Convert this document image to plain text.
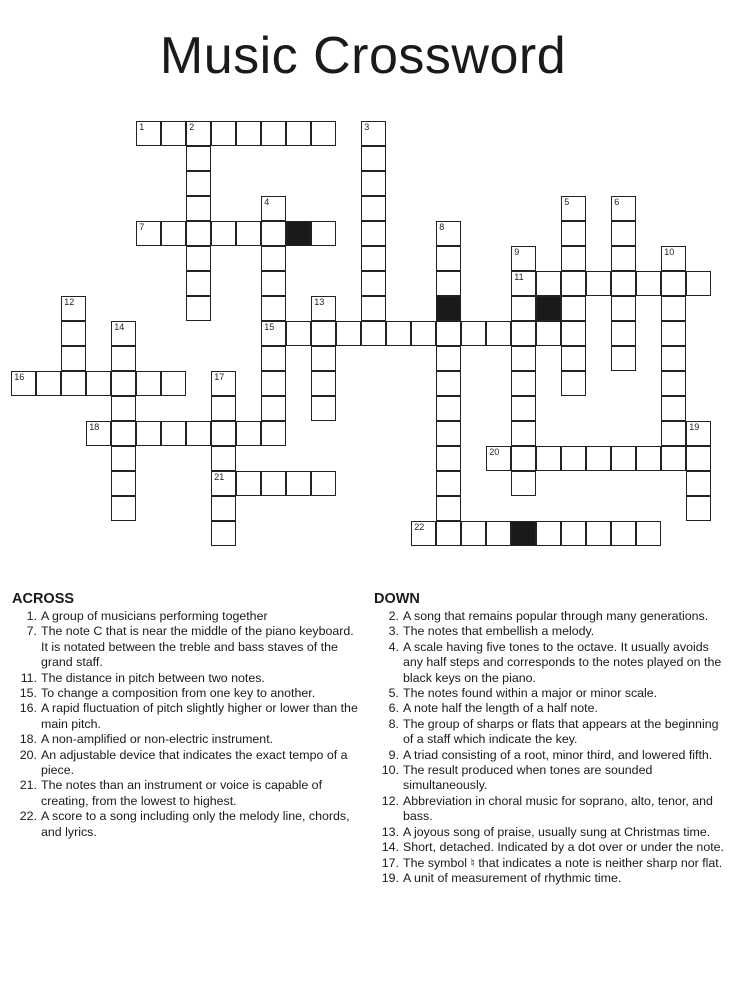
Music Crossword
1	2	3
4
15
5	6
7	8
9
11
10
12	13
14
16	17
21
18	19
20
22
ACROSS
1. A group of musicians performing together
7. The note C that is near the middle of the piano keyboard. It is notated between the treble and bass staves of the grand staff.
11. The distance in pitch between two notes.
15. To change a composition from one key to another.
16. A rapid fluctuation of pitch slightly higher or lower than the main pitch.
18. A non-amplified or non-electric instrument.
20. An adjustable device that indicates the exact tempo of a piece.
21. The notes than an instrument or voice is capable of creating, from the lowest to highest.
22. A score to a song including only the melody line, chords, and lyrics.
DOWN
2. A song that remains popular through many generations.
3. The notes that embellish a melody.
4. A scale having five tones to the octave. It usually avoids any half steps and corresponds to the notes played on the black keys on the piano.
5. The notes found within a major or minor scale.
6. A note half the length of a half note.
8. The group of sharps or flats that appears at the beginning of a staff which indicate the key.
9. A triad consisting of a root, minor third, and lowered fifth.
10. The result produced when tones are sounded simultaneously.
12. Abbreviation in choral music for soprano, alto, tenor, and bass.
13. A joyous song of praise, usually sung at Christmas time.
14. Short, detached. Indicated by a dot over or under the note.
17. The symbol ♮ that indicates a note is neither sharp nor flat.
19. A unit of measurement of rhythmic time.
